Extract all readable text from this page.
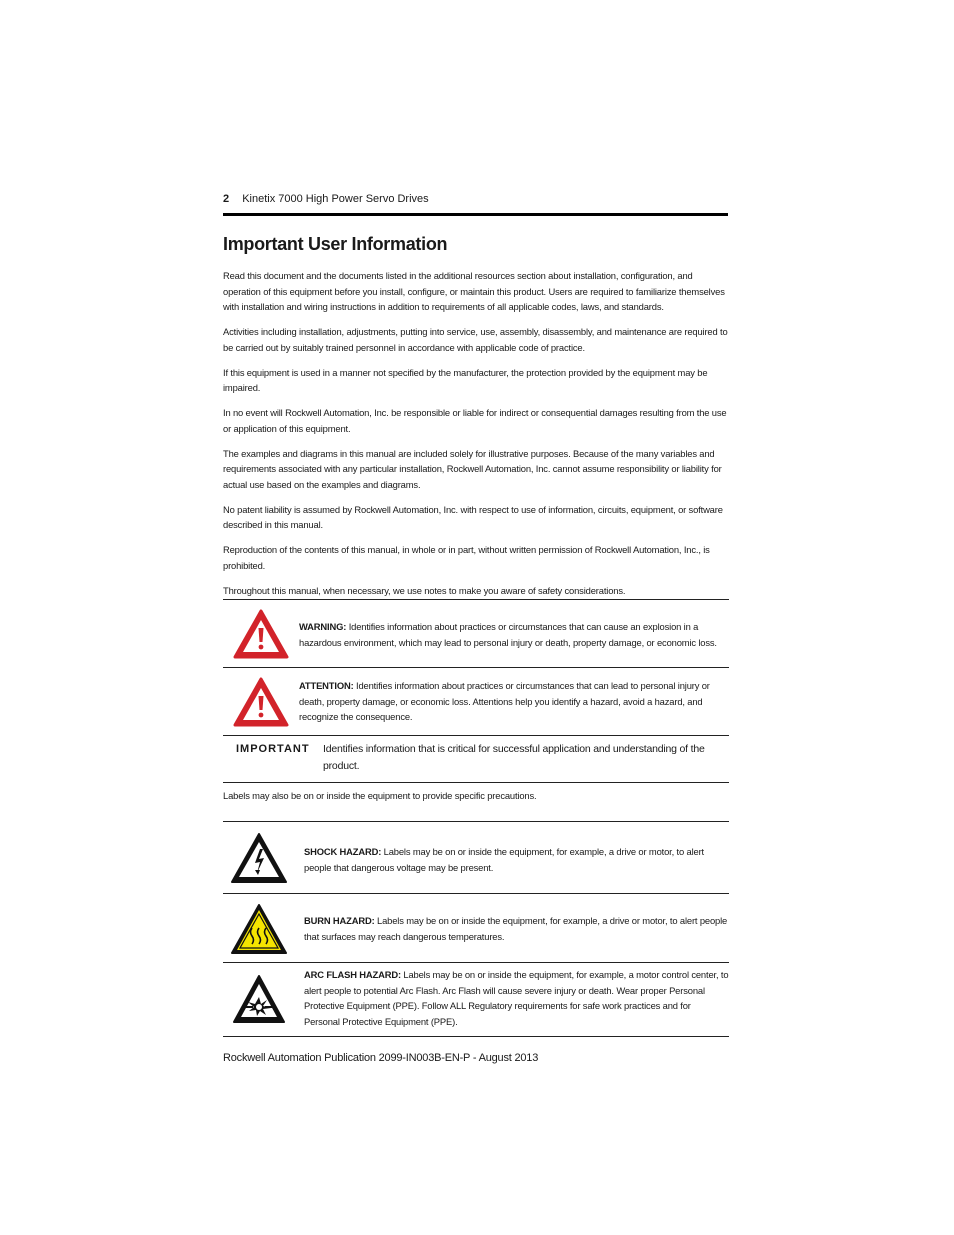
2 Kinetix 7000 High Power Servo Drives
Important User Information

Read this document and the documents listed in the additional resources section about installation, configuration, and operation of this equipment before you install, configure, or maintain this product. Users are required to familiarize themselves with installation and wiring instructions in addition to requirements of all applicable codes, laws, and standards.

Activities including installation, adjustments, putting into service, use, assembly, disassembly, and maintenance are required to be carried out by suitably trained personnel in accordance with applicable code of practice.

If this equipment is used in a manner not specified by the manufacturer, the protection provided by the equipment may be impaired.

In no event will Rockwell Automation, Inc. be responsible or liable for indirect or consequential damages resulting from the use or application of this equipment.

The examples and diagrams in this manual are included solely for illustrative purposes. Because of the many variables and requirements associated with any particular installation, Rockwell Automation, Inc. cannot assume responsibility or liability for actual use based on the examples and diagrams.

No patent liability is assumed by Rockwell Automation, Inc. with respect to use of information, circuits, equipment, or software described in this manual.

Reproduction of the contents of this manual, in whole or in part, without written permission of Rockwell Automation, Inc., is prohibited.

Throughout this manual, when necessary, we use notes to make you aware of safety considerations.

WARNING: Identifies information about practices or circumstances that can cause an explosion in a hazardous environment, which may lead to personal injury or death, property damage, or economic loss.
ATTENTION: Identifies information about practices or circumstances that can lead to personal injury or death, property damage, or economic loss. Attentions help you identify a hazard, avoid a hazard, and recognize the consequence.
IMPORTANT	Identifies information that is critical for successful application and understanding of the product.
Labels may also be on or inside the equipment to provide specific precautions.
SHOCK HAZARD: Labels may be on or inside the equipment, for example, a drive or motor, to alert people that dangerous voltage may be present.
BURN HAZARD: Labels may be on or inside the equipment, for example, a drive or motor, to alert people that surfaces may reach dangerous temperatures.
ARC FLASH HAZARD: Labels may be on or inside the equipment, for example, a motor control center, to alert people to potential Arc Flash. Arc Flash will cause severe injury or death. Wear proper Personal Protective Equipment (PPE). Follow ALL Regulatory requirements for safe work practices and for Personal Protective Equipment (PPE).
Rockwell Automation Publication 2099-IN003B-EN-P - August 2013
